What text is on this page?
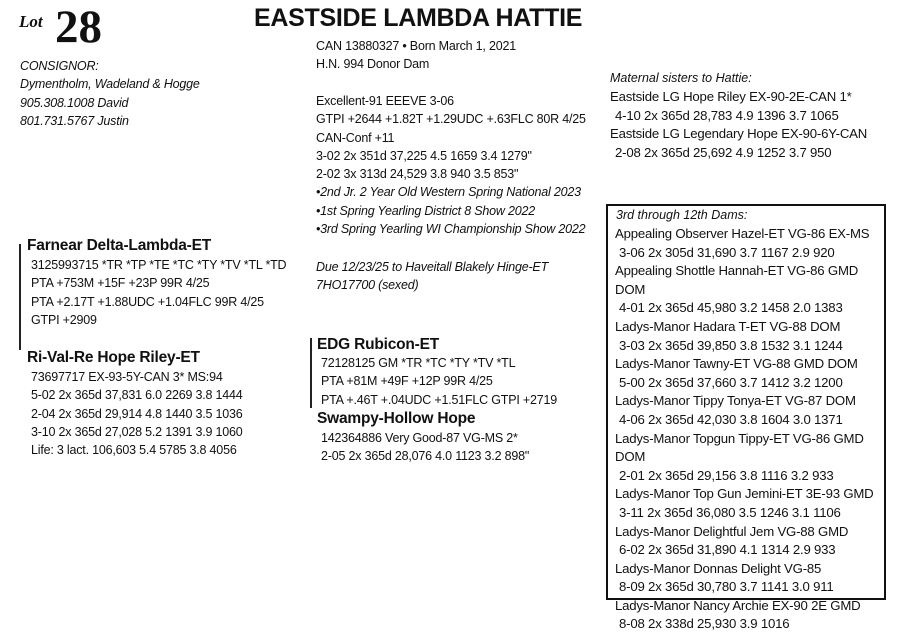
Lot 28	EASTSIDE LAMBDA HATTIE
CONSIGNOR:
Dymentholm, Wadeland & Hogge
905.308.1008 David
801.731.5767 Justin
CAN 13880327 • Born March 1, 2021
H.N. 994 Donor Dam
Excellent-91 EEEVE 3-06
GTPI +2644 +1.82T +1.29UDC +.63FLC 80R 4/25
CAN-Conf +11
3-02 2x 351d 37,225 4.5 1659 3.4 1279"
2-02 3x 313d 24,529 3.8 940 3.5 853"
•2nd Jr. 2 Year Old Western Spring National 2023
•1st Spring Yearling District 8 Show 2022
•3rd Spring Yearling WI Championship Show 2022
Due 12/23/25 to Haveitall Blakely Hinge-ET
7HO17700 (sexed)
Maternal sisters to Hattie:
Eastside LG Hope Riley EX-90-2E-CAN 1*
4-10 2x 365d 28,783 4.9 1396 3.7 1065
Eastside LG Legendary Hope EX-90-6Y-CAN
2-08 2x 365d 25,692 4.9 1252 3.7 950
Farnear Delta-Lambda-ET
3125993715 *TR *TP *TE *TC *TY *TV *TL *TD
PTA +753M +15F +23P 99R 4/25
PTA +2.17T +1.88UDC +1.04FLC 99R 4/25
GTPI +2909
Ri-Val-Re Hope Riley-ET
73697717 EX-93-5Y-CAN 3* MS:94
5-02 2x 365d 37,831 6.0 2269 3.8 1444
2-04 2x 365d 29,914 4.8 1440 3.5 1036
3-10 2x 365d 27,028 5.2 1391 3.9 1060
Life: 3 lact. 106,603 5.4 5785 3.8 4056
EDG Rubicon-ET
72128125 GM *TR *TC *TY *TV *TL
PTA +81M +49F +12P 99R 4/25
PTA +.46T +.04UDC +1.51FLC GTPI +2719
Swampy-Hollow Hope
142364886 Very Good-87 VG-MS 2*
2-05 2x 365d 28,076 4.0 1123 3.2 898"
3rd through 12th Dams:
Appealing Observer Hazel-ET VG-86 EX-MS
3-06 2x 305d 31,690 3.7 1167 2.9 920
Appealing Shottle Hannah-ET VG-86 GMD DOM
4-01 2x 365d 45,980 3.2 1458 2.0 1383
Ladys-Manor Hadara T-ET VG-88 DOM
3-03 2x 365d 39,850 3.8 1532 3.1 1244
Ladys-Manor Tawny-ET VG-88 GMD DOM
5-00 2x 365d 37,660 3.7 1412 3.2 1200
Ladys-Manor Tippy Tonya-ET VG-87 DOM
4-06 2x 365d 42,030 3.8 1604 3.0 1371
Ladys-Manor Topgun Tippy-ET VG-86 GMD DOM
2-01 2x 365d 29,156 3.8 1116 3.2 933
Ladys-Manor Top Gun Jemini-ET 3E-93 GMD
3-11 2x 365d 36,080 3.5 1246 3.1 1106
Ladys-Manor Delightful Jem VG-88 GMD
6-02 2x 365d 31,890 4.1 1314 2.9 933
Ladys-Manor Donnas Delight VG-85
8-09 2x 365d 30,780 3.7 1141 3.0 911
Ladys-Manor Nancy Archie EX-90 2E GMD
8-08 2x 338d 25,930 3.9 1016
